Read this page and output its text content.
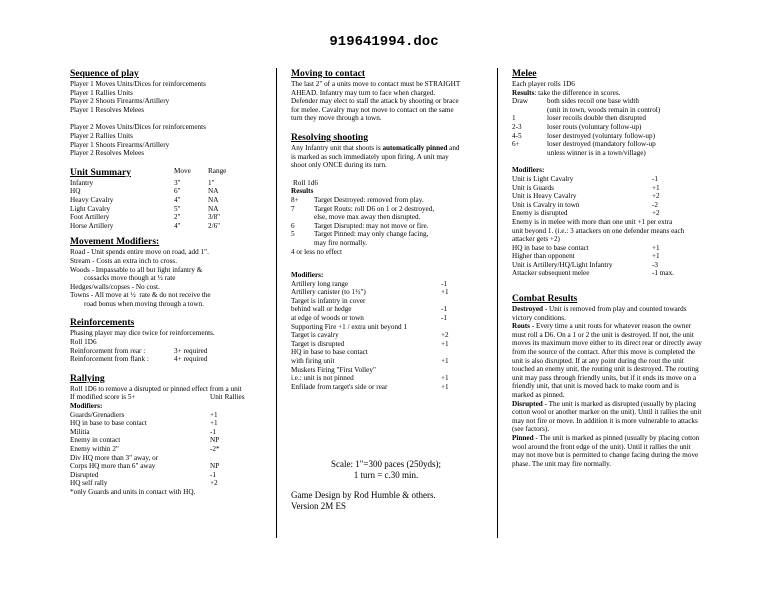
919641994.doc
Sequence of play
Player 1 Moves Units/Dices for reinforcements
Player 1 Rallies Units
Player 2 Shoots Firearms/Artillery
Player 1 Resolves Melees
Player 2 Moves Units/Dices for reinforcements
Player 2 Rallies Units
Player 1 Shoots Firearms/Artillery
Player 2 Resolves Melees
Unit Summary	Move	Range
Infantry	3"	1"
HQ	6"	NA
Heavy Cavalry	4"	NA
Light Cavalry	5"	NA
Foot Artillery	2"	3/8"
Horse Artillery	4"	2/6"
Movement Modifiers:
Road - Unit spends entire move on road, add 1".
Stream - Costs an extra inch to cross.
Woods - Impassable to all but light infantry &
cossacks move though at ½ rate
Hedges/walls/copses - No cost.
Towns - All move at ½  rate & do not receive the
road bonus when moving through a town.
Reinforcements
Phasing player may dice twice for reinforcements.
Roll 1D6
Reinforcement from rear :	3+ required
Reinforcement from flank :	4+ required
Rallying
Roll 1D6 to remove a disrupted or pinned effect from a unit
If modified score is 5+	Unit Rallies
Modifiers:
Guards/Grenadiers	+1
HQ in base to base contact	+1
Militia	-1
Enemy in contact	NP
Enemy within 2"	-2*
Div HQ more than 3" away, or
Corps HQ more than 6" away	NP
Disrupted	-1
HQ self rally	+2
*only Guards and units in contact with HQ.
Moving to contact
The last 2" of a units move to contact must be STRAIGHT
AHEAD. Infantry may turn to face when charged.
Defender may elect to stall the attack by shooting or brace
for melee. Cavalry may not move to contact on the same
turn they move through a town.
Resolving shooting
Any Infantry unit that shoots is automatically pinned and
is marked as such immediately upon firing. A unit may
shoot only ONCE during its turn.
Roll 1d6
Results
8+	Target Destroyed: removed from play.
7	Target Routs: roll D6 on 1 or 2 destroyed,
else, move max away then disrupted.
6	Target Disrupted: may not move or fire.
5	Target Pinned: may only change facing,
may fire normally.
4 or less no effect
Modifiers:
Artillery long range	-1
Artillery canister (to 1½")	+1
Target is infantry in cover
behind wall or hedge	-1
at edge of woods or town	-1
Supporting Fire +1 / extra unit beyond 1
Target is cavalry	+2
Target is disrupted	+1
HQ in base to base contact
with firing unit	+1
Muskets Firing "First Volley"
i.e.: unit is not pinned	+1
Enfilade from target's side or rear	+1
Scale: 1"=300 paces (250yds);
1 turn = c.30 min.
Game Design by Rod Humble & others.
Version 2M ES
Melee
Each player rolls 1D6
Results: take the difference in scores.
Draw	both sides recoil one base width
(unit in town, woods remain in control)
1	loser recoils double then disrupted
2-3	loser routs (voluntary follow-up)
4-5	loser destroyed (voluntary follow-up)
6+	loser destroyed (mandatory follow-up
unless winner is in a town/village)
Modifiers:
Unit is Light Cavalry	-1
Unit is Guards	+1
Unit is Heavy Cavalry	+2
Unit is Cavalry in town	-2
Enemy is disrupted	+2
Enemy is in melee with more than one unit +1 per extra
unit beyond 1. (i.e.: 3 attackers on one defender means each
attacker gets +2)
HQ in base to base contact	+1
Higher than opponent	+1
Unit is Artillery/HQ/Light Infantry	-3
Attacker subsequent melee	-1 max.
Combat Results
Destroyed - Unit is removed from play and counted towards victory conditions.
Routs - Every time a unit routs for whatever reason the owner must roll a D6. On a 1 or 2 the unit is destroyed. If not, the unit moves its maximum move either to its direct rear or directly away from the source of the contact. After this move is completed the unit is also disrupted. If at any point during the rout the unit touched an enemy unit, the routing unit is destroyed. The routing unit may pass through friendly units, but if it ends its move on a friendly unit, that unit is moved back to make room and is marked as pinned.
Disrupted - The unit is marked as disrupted (usually by placing cotton wool or another marker on the unit). Until it rallies the unit may not fire or move. In addition it is more vulnerable to attacks (see factors).
Pinned - The unit is marked as pinned (usually by placing cotton wool around the front edge of the unit). Until it rallies the unit may not move but is permitted to change facing during the move phase. The unit may fire normally.
